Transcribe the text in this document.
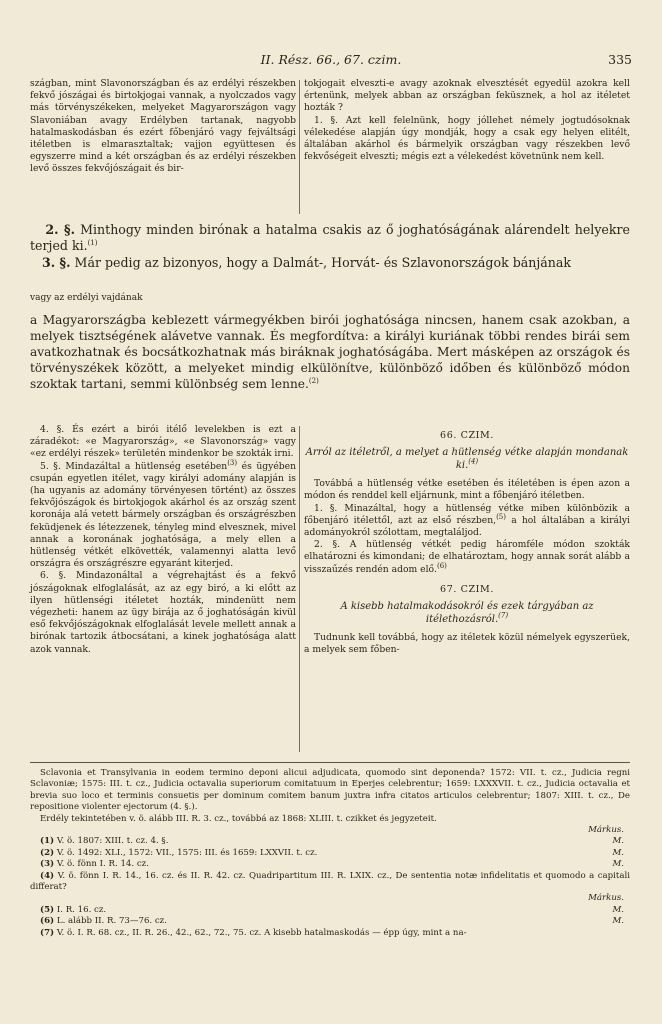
II. Rész. 66., 67. czim.	335

szágban, mint Slavonországban és az erdélyi részekben fekvő jószágai és birtokjogai vannak, a nyolczados vagy más törvényszékeken, melyeket Magyarországon vagy Slavoniában avagy Erdélyben tartanak, nagyobb hatalmaskodásban és ezért főbenjáró vagy fejváltsági itéletben is elmarasztaltak; vajjon együttesen és egyszerre mind a két országban és az erdélyi részekben levő összes fekvőjószágait és bir-

tokjogait elveszti-e avagy azoknak elvesztését egyedül azokra kell értenünk, melyek abban az országban feküsznek, a hol az itéletet hozták ?

1. §. Azt kell felelnünk, hogy jóllehet némely jogtudósoknak vélekedése alapján úgy mondják, hogy a csak egy helyen elitélt, általában akárhol és bármelyik országban vagy részekben levő fekvőségeit elveszti; mégis ezt a vélekedést követnünk nem kell.

2. §. Minthogy minden birónak a hatalma csakis az ő joghatóságának alárendelt helyekre terjed ki.$^{(1)}$
3. §. Már pedig az bizonyos, hogy a Dalmát-, Horvát- és Szlavonországok bánjának
vagy az erdélyi vajdának

a Magyarországba keblezett vármegyékben birói joghatósága nincsen, hanem csak azokban, a melyek tisztségének alávetve vannak. És megfordítva: a királyi kuriának többi rendes birái sem avatkozhatnak és bocsátkozhatnak más biráknak joghatóságába. Mert másképen az országok és törvényszékek között, a melyeket mindig elkülönítve, különböző időben és különböző módon szoktak tartani, semmi különbség sem lenne.$^{(2)}$

4. §. És ezért a birói itélő levelekben is ezt a záradékot: «e Magyarország», «e Slavonország» vagy «ez erdélyi részek» területén mindenkor be szokták irni.

5. §. Mindazáltal a hütlenség esetében$^{(3)}$ és ügyében csupán egyetlen itélet, vagy királyi adomány alapján is (ha ugyanis az adomány törvényesen történt) az összes fekvőjószágok és birtokjogok akárhol és az ország szent koronája alá vetett bármely országban és országrészben feküdjenek és létezzenek, tényleg mind elvesznek, mivel annak a koronának joghatósága, a mely ellen a hütlenség vétkét elkövették, valamennyi alatta levő országra és országrészre egyaránt kiterjed.

6. §. Mindazonáltal a végrehajtást és a fekvő jószágoknak elfoglalását, az az egy biró, a ki előtt az ilyen hütlenségi itéletet hozták, mindenütt nem végezheti: hanem az ügy birája az ő joghatóságán kivül eső fekvőjószágoknak elfoglalását levele mellett annak a birónak tartozik átbocsátani, a kinek joghatósága alatt azok vannak.

66. CZIM.
Arról az itéletről, a melyet a hütlenség vétke alapján mondanak ki.$^{(4)}$

Továbbá a hütlenség vétke esetében és itéletében is épen azon a módon és renddel kell eljárnunk, mint a főbenjáró itéletben.

1. §. Minazáltal, hogy a hütlenség vétke miben különbözik a főbenjáró itélettől, azt az első részben,$^{(5)}$ a hol általában a királyi adományokról szólottam, megtaláljod.

2. §. A hütlenség vétkét pedig háromféle módon szokták elhatározni és kimondani; de elhatároztam, hogy annak sorát alább a visszaűzés rendén adom elő.$^{(6)}$

67. CZIM.
A kisebb hatalmakodásokról és ezek tárgyában az itélethozásról.$^{(7)}$

Tudnunk kell továbbá, hogy az itéletek közül némelyek egyszerüek, a melyek sem főben-

Sclavonia et Transylvania in eodem termino deponi alicui adjudicata, quomodo sint deponenda? 1572: VII. t. cz., Judicia regni Sclavoniæ; 1575: III. t. cz., Judicia octavalia superiorum comitatuum in Eperjes celebrentur; 1659: LXXXVII. t. cz., Judicia octavalia et brevia suo loco et terminis consuetis per dominum comitem banum juxtra infra citatos articulos celebrentur; 1807: XIII. t. cz., De repositione violenter ejectorum (4. §.).

Erdély tekintetében v. ö. alább III. R. 3. cz., továbbá az 1868: XLIII. t. czikket és jegyzeteit.

Márkus.

(1) V. ö. 1807: XIII. t. cz. 4. §.	M.

(2) V. ö. 1492: XLI., 1572: VII., 1575: III. és 1659: LXXVII. t. cz.	M.

(3) V. ö. fönn I. R. 14. cz.	M.

(4) V. ö. fönn I. R. 14., 16. cz. és II. R. 42. cz. Quadripartitum III. R. LXIX. cz., De sententia notæ infidelitatis et quomodo a capitali differat?

Márkus.

(5) I. R. 16. cz.	M.

(6) L. alább II. R. 73—76. cz.	M.

(7) V. ö. I. R. 68. cz., II. R. 26., 42., 62., 72., 75. cz. A kisebb hatalmaskodás — épp úgy, mint a na-
